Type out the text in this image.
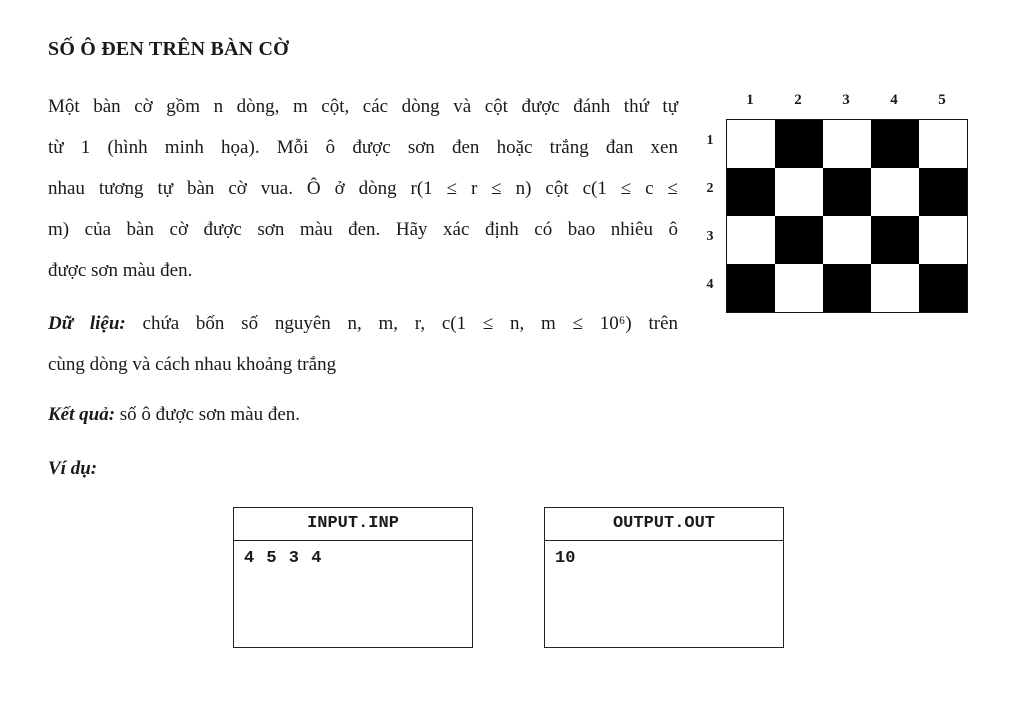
SỐ Ô ĐEN TRÊN BÀN CỜ
Một bàn cờ gồm n dòng, m cột, các dòng và cột được đánh thứ tự
từ 1 (hình minh họa). Mỗi ô được sơn đen hoặc trắng đan xen
nhau tương tự bàn cờ vua. Ô ở dòng r(1 ≤ r ≤ n) cột c(1 ≤ c ≤
m) của bàn cờ được sơn màu đen. Hãy xác định có bao nhiêu ô
được sơn màu đen.
Dữ liệu: chứa bốn số nguyên n, m, r, c(1 ≤ n, m ≤ 10⁶) trên
cùng dòng và cách nhau khoảng trắng
Kết quả: số ô được sơn màu đen.
Ví dụ:
1	2	3	4	5
1
2
3
4
INPUT.INP
4 5 3 4
OUTPUT.OUT
10
